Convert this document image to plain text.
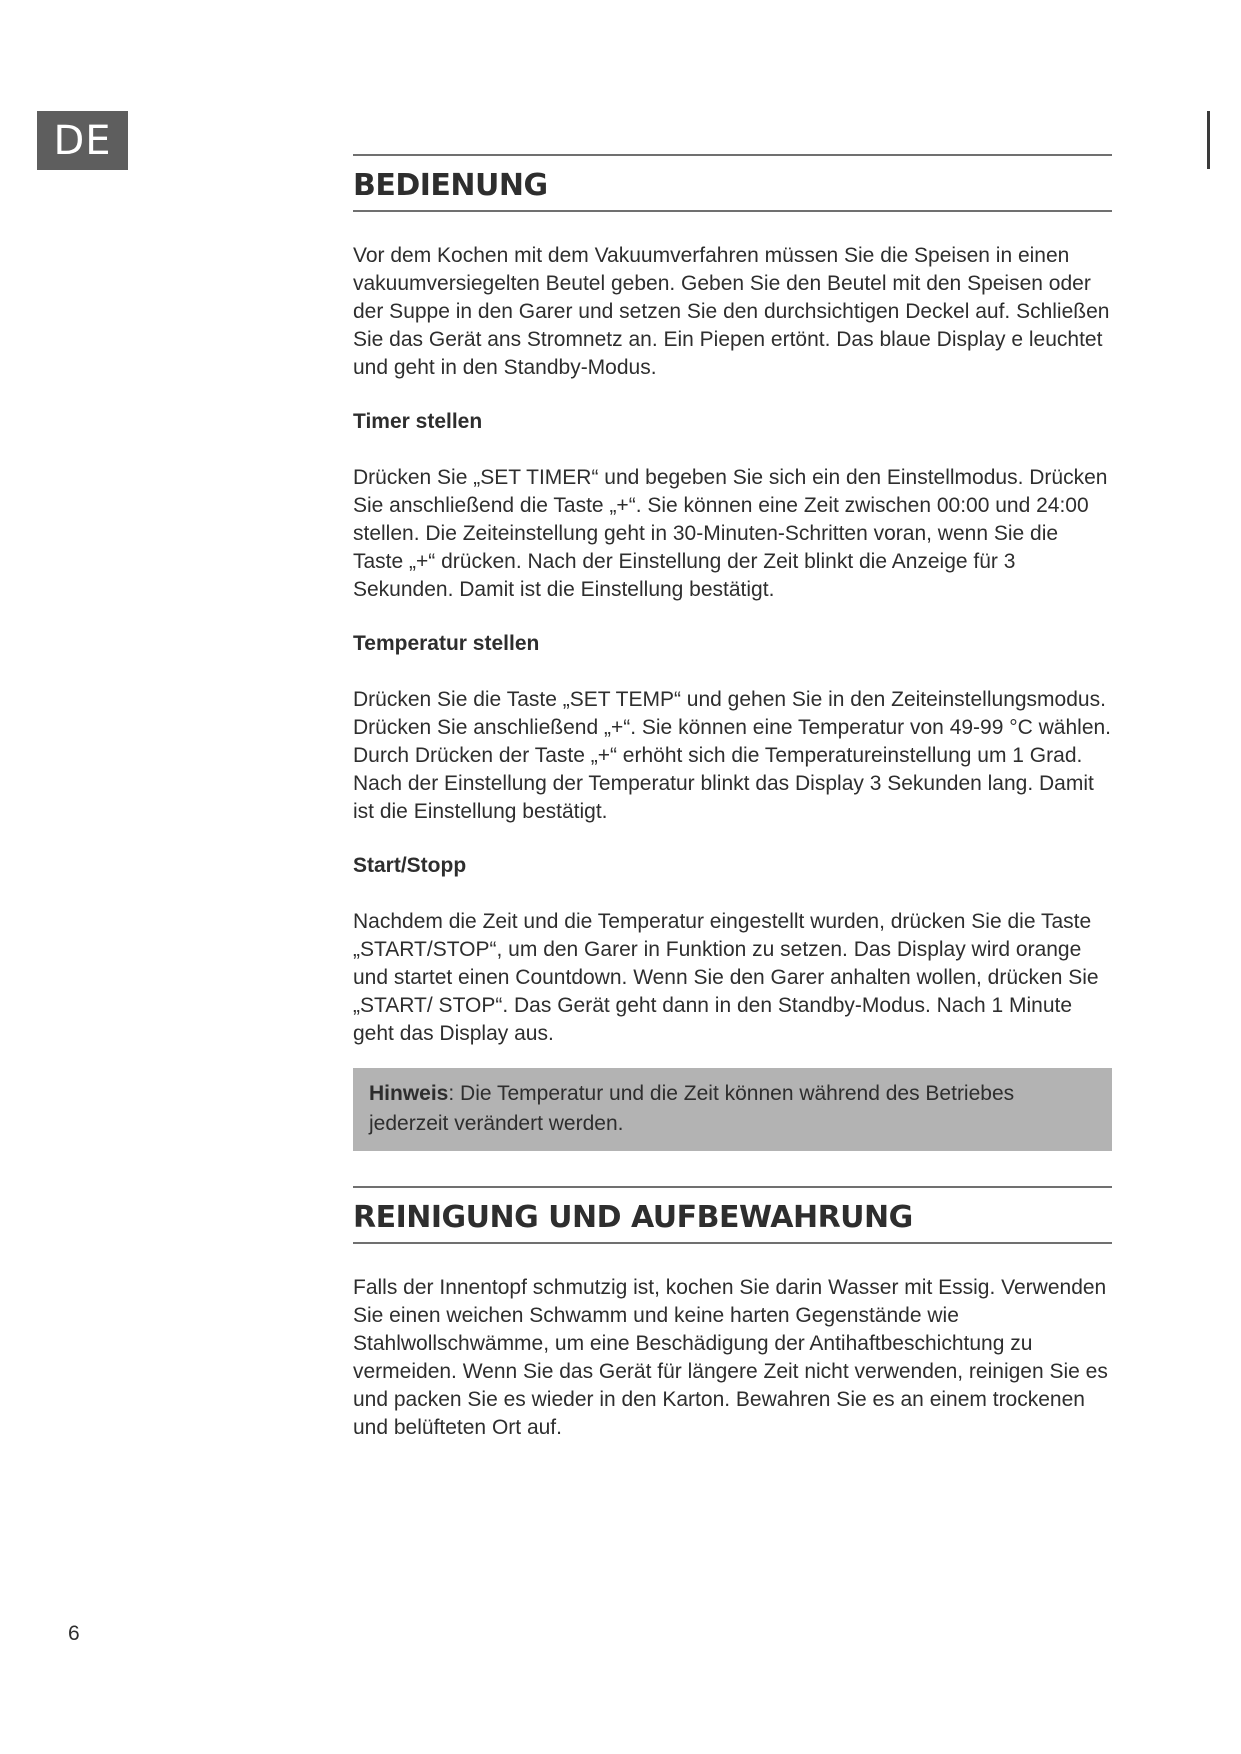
DE
BEDIENUNG

Vor dem Kochen mit dem Vakuumverfahren müssen Sie die Speisen in einen vakuumversiegelten Beutel geben. Geben Sie den Beutel mit den Speisen oder der Suppe in den Garer und setzen Sie den durchsichtigen Deckel auf. Schließen Sie das Gerät ans Stromnetz an. Ein Piepen ertönt. Das blaue Display e leuchtet und geht in den Standby-Modus.

Timer stellen

Drücken Sie „SET TIMER“ und begeben Sie sich ein den Einstellmodus. Drücken Sie anschließend die Taste „+“. Sie können eine Zeit zwischen 00:00 und 24:00 stellen. Die Zeiteinstellung geht in 30-Minuten-Schritten voran, wenn Sie die Taste „+“ drücken. Nach der Einstellung der Zeit blinkt die Anzeige für 3 Sekunden. Damit ist die Einstellung bestätigt.

Temperatur stellen

Drücken Sie die Taste „SET TEMP“ und gehen Sie in den Zeiteinstellungsmodus. Drücken Sie anschließend „+“. Sie können eine Temperatur von 49-99 °C wählen. Durch Drücken der Taste „+“ erhöht sich die Temperatureinstellung um 1 Grad. Nach der Einstellung der Temperatur blinkt das Display 3 Sekunden lang. Damit ist die Einstellung bestätigt.

Start/Stopp

Nachdem die Zeit und die Temperatur eingestellt wurden, drücken Sie die Taste „START/STOP“, um den Garer in Funktion zu setzen. Das Display wird orange und startet einen Countdown. Wenn Sie den Garer anhalten wollen, drücken Sie „START/ STOP“. Das Gerät geht dann in den Standby-Modus. Nach 1 Minute geht das Display aus.

Hinweis: Die Temperatur und die Zeit können während des Betriebes jederzeit verändert werden.
REINIGUNG UND AUFBEWAHRUNG

Falls der Innentopf schmutzig ist, kochen Sie darin Wasser mit Essig. Verwenden Sie einen weichen Schwamm und keine harten Gegenstände wie Stahlwollschwämme, um eine Beschädigung der Antihaftbeschichtung zu vermeiden. Wenn Sie das Gerät für längere Zeit nicht verwenden, reinigen Sie es und packen Sie es wieder in den Karton. Bewahren Sie es an einem trockenen und belüfteten Ort auf.

6
